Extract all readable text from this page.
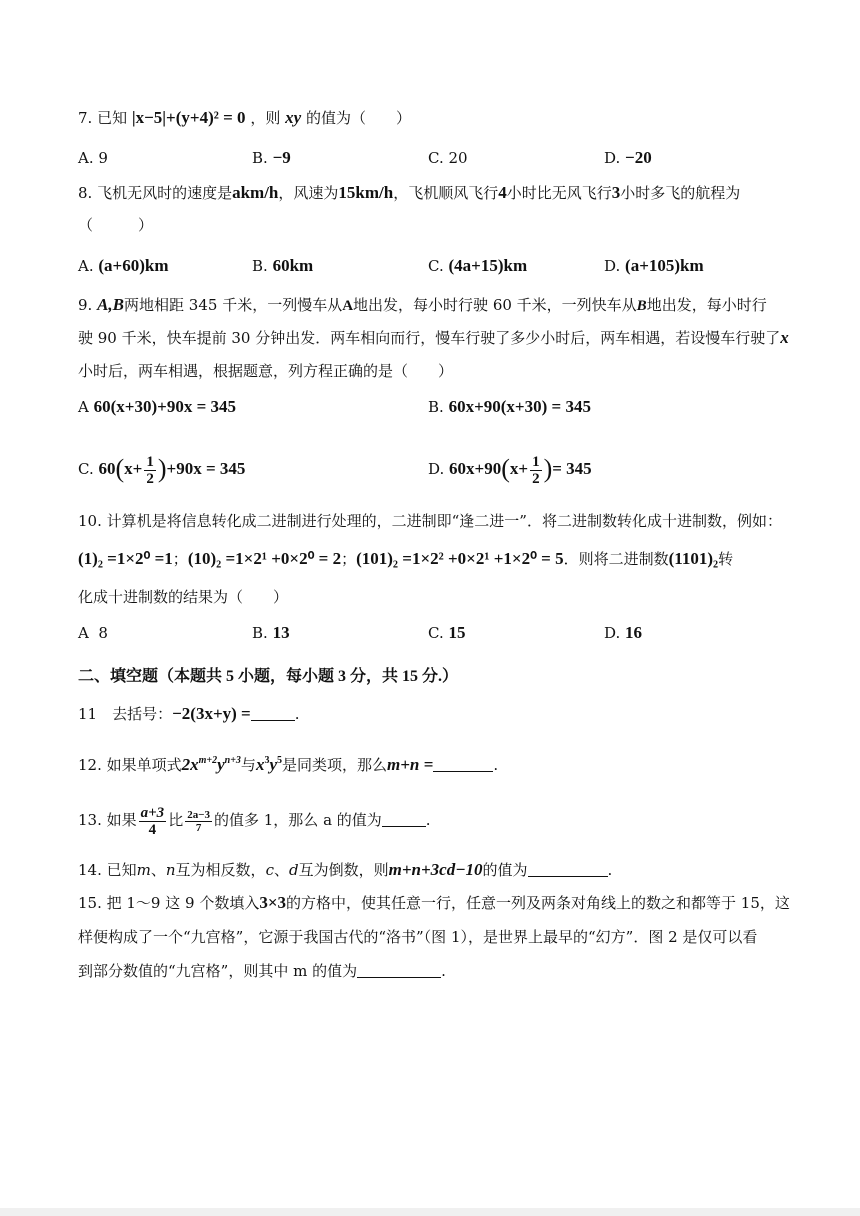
7. 已知 |x−5|+(y+4)² = 0 ，则 xy 的值为（　　）
A. 9	B. −9	C. 20	D. −20
8. 飞机无风时的速度是akm/h，风速为15km/h，飞机顺风飞行4小时比无风飞行3小时多飞的航程为
（　　　）
A. (a+60)km	B. 60km	C. (4a+15)km	D. (a+105)km
9. A,B两地相距 345 千米，一列慢车从A地出发，每小时行驶 60 千米，一列快车从B地出发，每小时行
驶 90 千米，快车提前 30 分钟出发．两车相向而行，慢车行驶了多少小时后，两车相遇，若设慢车行驶了x
小时后，两车相遇，根据题意，列方程正确的是（　　）
A 60(x+30)+90x = 345	B. 60x+90(x+30) = 345
C. $60(x+ \frac{1}{2} )+90x = 345$	D. $60x+90(x+ \frac{1}{2}$ )= 345
10. 计算机是将信息转化成二进制进行处理的，二进制即“逢二进一”．将二进制数转化成十进制数，例如：
(1)₂ =1×2⁰ =1；(10)₂ =1×2¹ +0×2⁰ = 2；(101)₂ =1×2² +0×2¹ +1×2⁰ = 5．则将二进制数(1101)₂转
化成十进制数的结果为（　　）
A  8	B. 13	C. 15	D. 16
二、填空题（本题共 5 小题，每小题 3 分，共 15 分.）
11　去括号：−2(3x+y) =	.
12. 如果单项式$2x^{m+2}y^{n+3}$与$x^3y^5$是同类项，那么m+n =	.
13. 如果 $\frac{a+3}{4}$ 比 $\frac{2a-3}{7}$ 的值多 1，那么 a 的值为	.
14. 已知m、n互为相反数，c、d互为倒数，则m+n+3cd−10的值为	.
15. 把 1～9 这 9 个数填入3×3的方格中，使其任意一行，任意一列及两条对角线上的数之和都等于 15，这
样便构成了一个“九宫格”，它源于我国古代的“洛书”（图 1），是世界上最早的“幻方”．图 2 是仅可以看
到部分数值的“九宫格”，则其中 m 的值为	.
